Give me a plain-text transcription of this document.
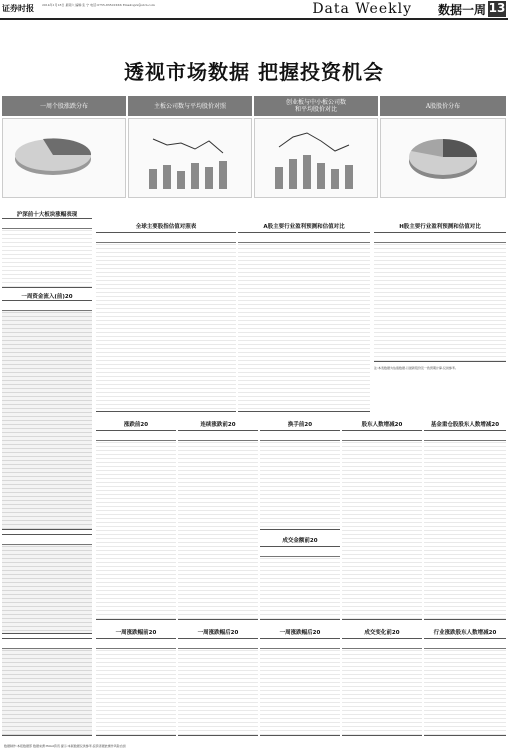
证券时报	2014年1月18日 星期六 编辑:张 宁 电话:0755-83501XXX Email:sjzx@stcn.com	Data Weekly 数据一周 13
透视市场数据 把握投资机会
一周个股涨跌分布	主板公司数与平均股价对照	创业板与中小板公司数
和平均股价对比	A股股价分布
沪深前十大板块涨幅表现
全球主要股指估值对照表	A股主要行业盈利预测和估值对比	H股主要行业盈利预测和估值对比
注:本表数据为估值数据,以最新股价及一致预期计算,仅供参考。
一周资金流入(前)20
涨跌前20	连续涨跌前20	换手前20	股东人数增减20	基金重仓股股东人数增减20
成交金额前20
一周涨跌幅前20	一周涨跌幅后20	一周涨跌幅后20	成交变化前20	行业涨跌股东人数增减20
数据制作:本报数据部 数据来源:Wind资讯 提示:本版数据仅供参考,投资者据此操作风险自担
